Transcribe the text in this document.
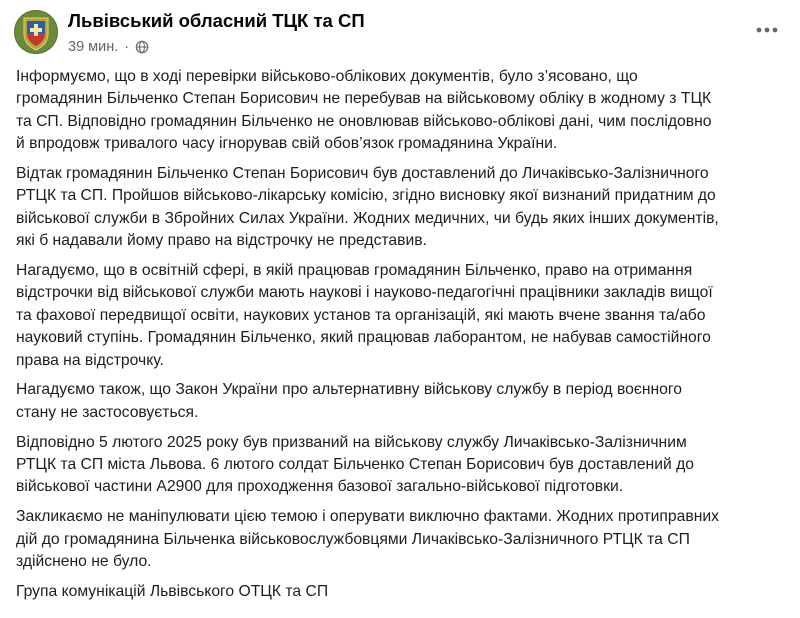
Львівський обласний ТЦК та СП
39 мин. ·
Інформуємо, що в ході перевірки військово-облікових документів, було з’ясовано, що
громадянин Більченко Степан Борисович не перебував на військовому обліку в жодному з ТЦК
та СП. Відповідно громадянин Більченко не оновлював військово-облікові дані, чим послідовно
й впродовж тривалого часу ігнорував свій обов’язок громадянина України.
Відтак громадянин Більченко Степан Борисович був доставлений до Личаківсько-Залізничного
РТЦК та СП. Пройшов військово-лікарську комісію, згідно висновку якої визнаний придатним до
військової служби в Збройних Силах України. Жодних медичних, чи будь яких інших документів,
які б надавали йому право на відстрочку не представив.
Нагадуємо, що в освітній сфері, в якій працював громадянин Більченко, право на отримання
відстрочки від військової служби мають наукові і науково-педагогічні працівники закладів вищої
та фахової передвищої освіти, наукових установ та організацій, які мають вчене звання та/або
науковий ступінь. Громадянин Більченко, який працював лаборантом, не набував самостійного
права на відстрочку.
Нагадуємо також, що Закон України про альтернативну військову службу в період воєнного
стану не застосовується.
Відповідно 5 лютого 2025 року був призваний на військову службу Личаківсько-Залізничним
РТЦК та СП міста Львова. 6 лютого солдат Більченко Степан Борисович був доставлений до
військової частини А2900 для проходження базової загально-військової підготовки.
Закликаємо не маніпулювати цією темою і оперувати виключно фактами. Жодних протиправних
дій до громадянина Більченка військовослужбовцями Личаківсько-Залізничного РТЦК та СП
здійснено не було.
Група комунікацій Львівського ОТЦК та СП
